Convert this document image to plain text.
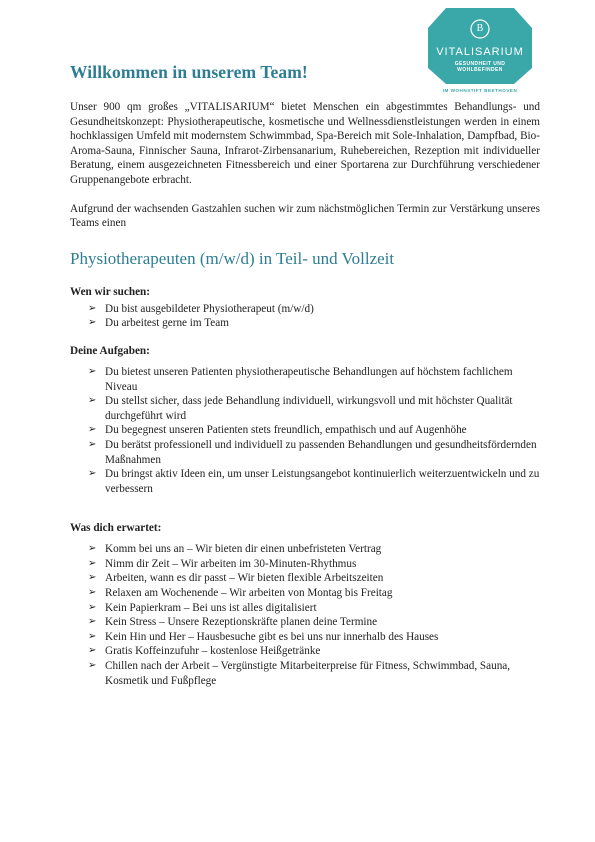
B
VITALISARIUM
GESUNDHEIT UND
WOHLBEFINDEN
IM WOHNSTIFT BEETHOVEN
Willkommen in unserem Team!

Unser 900 qm großes „VITALISARIUM“ bietet Menschen ein abgestimmtes Behandlungs- und Gesundheitskonzept: Physiotherapeutische, kosmetische und Wellnessdienstleistungen werden in einem hochklassigen Umfeld mit modernstem Schwimmbad, Spa-Bereich mit Sole-Inhalation, Dampfbad, Bio-Aroma-Sauna, Finnischer Sauna, Infrarot-Zirbensanarium, Ruhebereichen, Rezeption mit individueller Beratung, einem ausgezeichneten Fitnessbereich und einer Sportarena zur Durchführung verschiedener Gruppenangebote erbracht.

Aufgrund der wachsenden Gastzahlen suchen wir zum nächstmöglichen Termin zur Verstärkung unseres Teams einen

Physiotherapeuten (m/w/d) in Teil- und Vollzeit
Wen wir suchen:
➢ Du bist ausgebildeter Physiotherapeut (m/w/d)
➢ Du arbeitest gerne im Team
Deine Aufgaben:
➢ Du bietest unseren Patienten physiotherapeutische Behandlungen auf höchstem fachlichem Niveau
➢ Du stellst sicher, dass jede Behandlung individuell, wirkungsvoll und mit höchster Qualität durchgeführt wird
➢ Du begegnest unseren Patienten stets freundlich, empathisch und auf Augenhöhe
➢ Du berätst professionell und individuell zu passenden Behandlungen und gesundheitsfördernden Maßnahmen
➢ Du bringst aktiv Ideen ein, um unser Leistungsangebot kontinuierlich weiterzuentwickeln und zu verbessern
Was dich erwartet:
➢ Komm bei uns an – Wir bieten dir einen unbefristeten Vertrag
➢ Nimm dir Zeit – Wir arbeiten im 30-Minuten-Rhythmus
➢ Arbeiten, wann es dir passt – Wir bieten flexible Arbeitszeiten
➢ Relaxen am Wochenende – Wir arbeiten von Montag bis Freitag
➢ Kein Papierkram – Bei uns ist alles digitalisiert
➢ Kein Stress – Unsere Rezeptionskräfte planen deine Termine
➢ Kein Hin und Her – Hausbesuche gibt es bei uns nur innerhalb des Hauses
➢ Gratis Koffeinzufuhr – kostenlose Heißgetränke
➢ Chillen nach der Arbeit – Vergünstigte Mitarbeiterpreise für Fitness, Schwimmbad, Sauna, Kosmetik und Fußpflege
